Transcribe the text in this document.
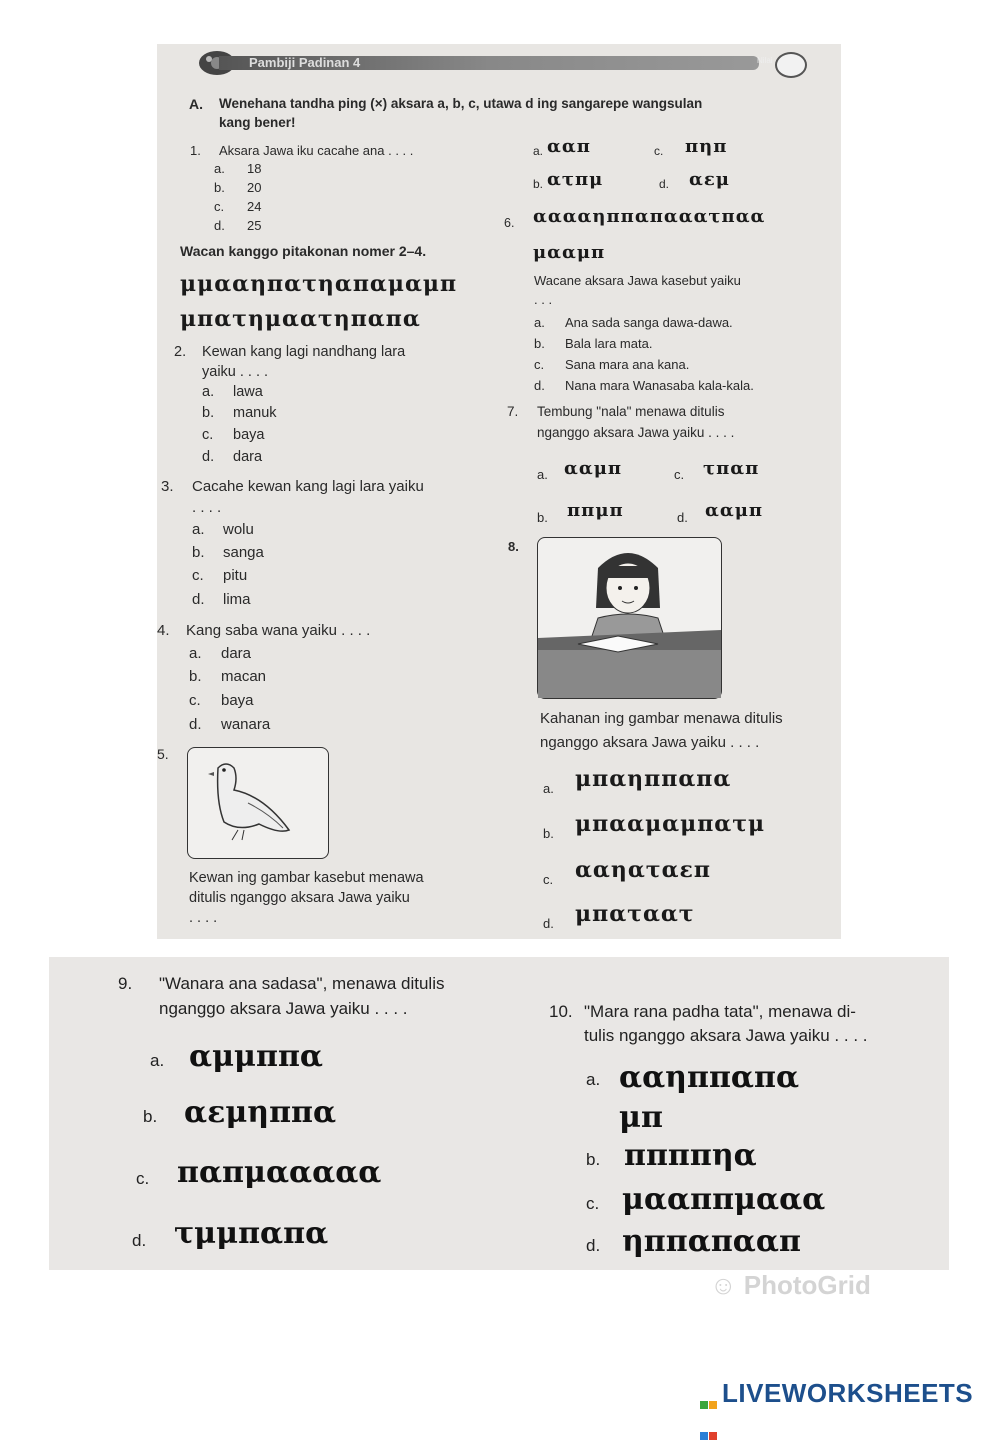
Pambiji Padinan 4	Nilai
A. Wenehana tandha ping (×) aksara a, b, c, utawa d ing sangarepe wangsulan
kang bener!
1. Aksara Jawa iku cacahe ana . . . .
a. 18
b. 20
c. 24
d. 25
Wacan kanggo pitakonan nomer 2–4.
μμααηπατηαπαμαμπ
μπατημαατηπαπα
2. Kewan kang lagi nandhang lara
yaiku . . . .
a. lawa
b. manuk
c. baya
d. dara
3. Cacahe kewan kang lagi lara yaiku
. . . .
a. wolu
b. sanga
c. pitu
d. lima
4. Kang saba wana yaiku . . . .
a. dara
b. macan
c. baya
d. wanara
5.
Kewan ing gambar kasebut menawa
ditulis nganggo aksara Jawa yaiku
. . . .
a. ααπ	c. πηπ
b. ατπμ	d. αεμ
6. ααααηππαπααατπαα
μααμπ
Wacane aksara Jawa kasebut yaiku
. . .
a. Ana sada sanga dawa-dawa.
b. Bala lara mata.
c. Sana mara ana kana.
d. Nana mara Wanasaba kala-kala.
7. Tembung "nala" menawa ditulis
nganggo aksara Jawa yaiku . . . .
a. ααμπ	c. τπαπ
b. ππμπ	d. ααμπ
8.
Kahanan ing gambar menawa ditulis
nganggo aksara Jawa yaiku . . . .
a. μπαηππαπα
b. μπααμαμπατμ
c. ααηαταεπ
d. μπαταατ
9. "Wanara ana sadasa", menawa ditulis
nganggo aksara Jawa yaiku . . . .
a. αμμππα
b. αεμηππα
c. παπμααααα
d. τμμπαπα
10. "Mara rana padha tata", menawa di-
tulis nganggo aksara Jawa yaiku . . . .
a. ααηππαπα
μπ
b. ππππηα
c. μααππμααα
d. ηππαπααπ
☺ PhotoGrid
LIVEWORKSHEETS
